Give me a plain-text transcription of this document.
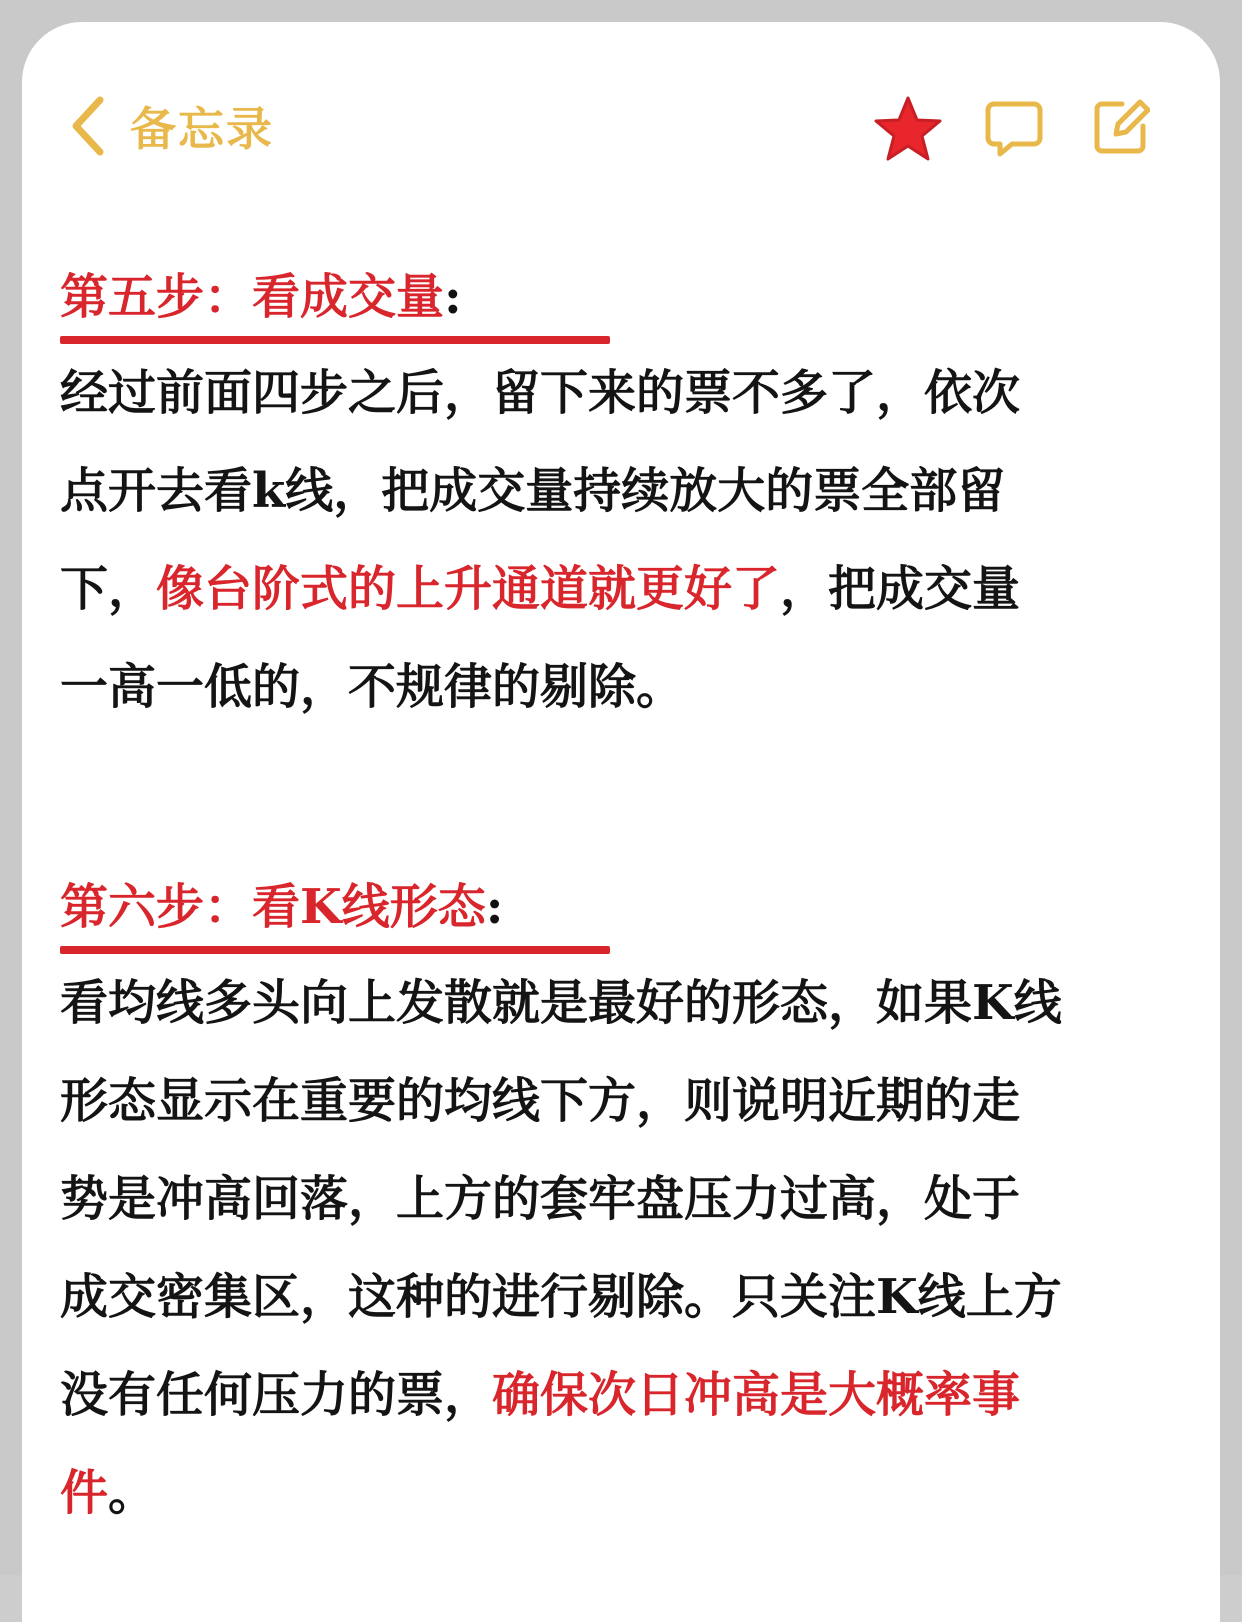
备忘录
第五步：看成交量:
经过前面四步之后，留下来的票不多了，依次
点开去看k线，把成交量持续放大的票全部留
下，像台阶式的上升通道就更好了，把成交量
一高一低的，不规律的剔除。
第六步：看K线形态:
看均线多头向上发散就是最好的形态，如果K线
形态显示在重要的均线下方，则说明近期的走
势是冲高回落，上方的套牢盘压力过高，处于
成交密集区，这种的进行剔除。只关注K线上方
没有任何压力的票，确保次日冲高是大概率事
件。
